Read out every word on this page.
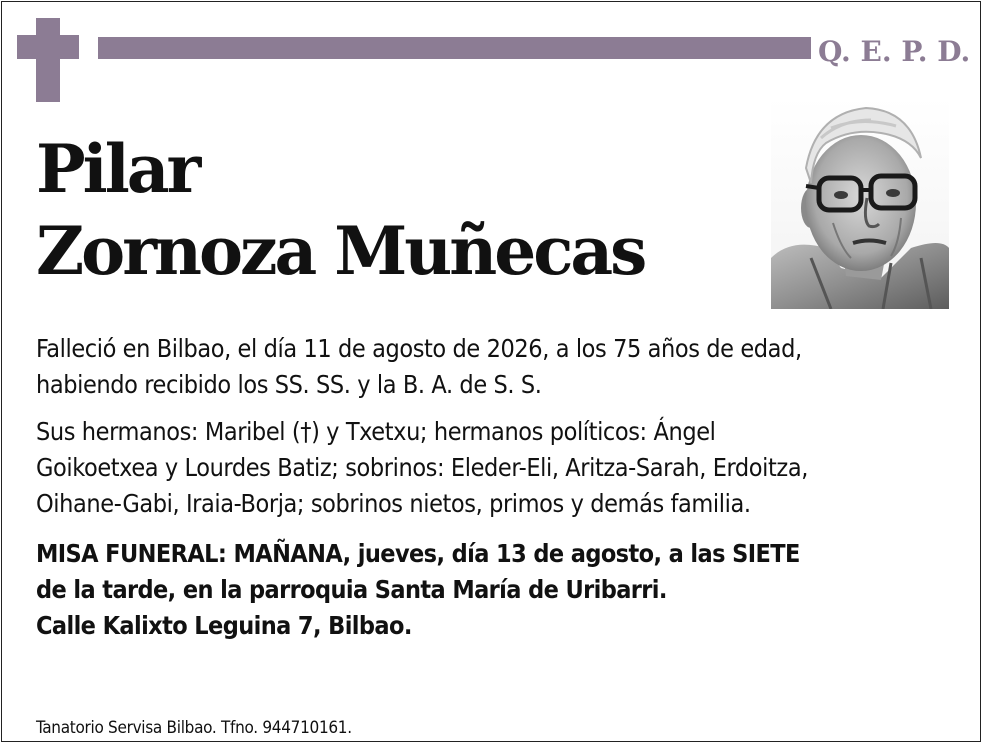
Q. E. P. D.
Pilar
Zornoza Muñecas
Falleció en Bilbao, el día 11 de agosto de 2026, a los 75 años de edad,
habiendo recibido los SS. SS. y la B. A. de S. S.
Sus hermanos: Maribel (†) y Txetxu; hermanos políticos: Ángel
Goikoetxea y Lourdes Batiz; sobrinos: Eleder-Eli, Aritza-Sarah, Erdoitza,
Oihane-Gabi, Iraia-Borja; sobrinos nietos, primos y demás familia.
MISA FUNERAL: MAÑANA, jueves, día 13 de agosto, a las SIETE
de la tarde, en la parroquia Santa María de Uribarri.
Calle Kalixto Leguina 7, Bilbao.
Tanatorio Servisa Bilbao. Tfno. 944710161.
